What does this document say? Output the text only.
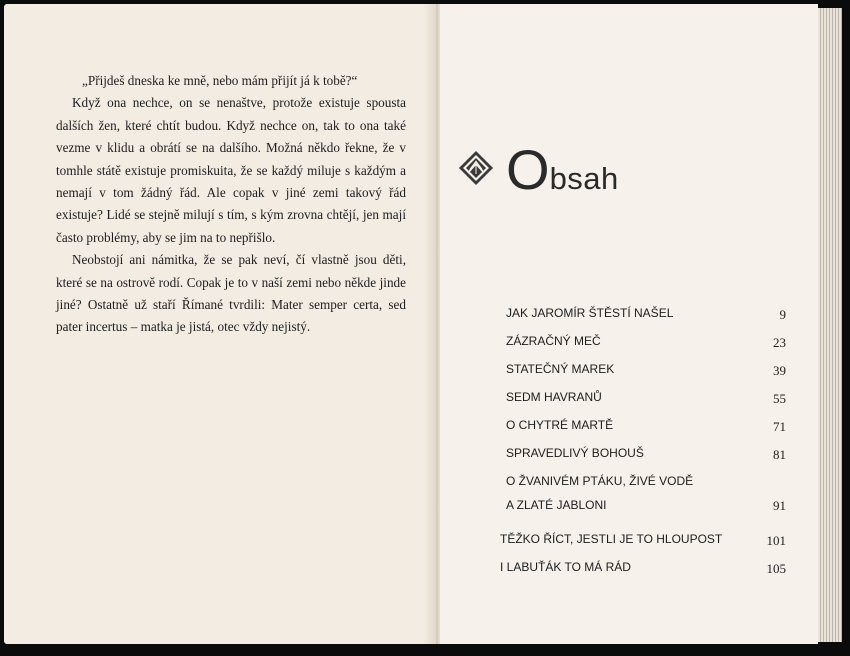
„Přijdeš dneska ke mně, nebo mám přijít já k tobě?“

Když ona nechce, on se nenaštve, protože existuje spousta dalších žen, které chtít budou. Když nechce on, tak to ona také vezme v klidu a obrátí se na dalšího. Možná někdo řekne, že v tomhle státě existuje promiskuita, že se každý miluje s každým a nemají v tom žádný řád. Ale copak v jiné zemi takový řád existuje? Lidé se stejně milují s tím, s kým zrovna chtějí, jen mají často problémy, aby se jim na to nepřišlo.

Neobstojí ani námitka, že se pak neví, čí vlastně jsou děti, které se na ostrově rodí. Copak je to v naší zemi nebo někde jinde jiné? Ostatně už staří Římané tvrdili: Mater semper certa, sed pater incertus – matka je jistá, otec vždy nejistý.

Obsah
JAK JAROMÍR ŠTĚSTÍ NAŠEL	9
ZÁZRAČNÝ MEČ	23
STATEČNÝ MAREK	39
SEDM HAVRANŮ	55
O CHYTRÉ MARTĚ	71
SPRAVEDLIVÝ BOHOUŠ	81
O ŽVANIVÉM PTÁKU, ŽIVÉ VODĚ
A ZLATÉ JABLONI	91
TĚŽKO ŘÍCT, JESTLI JE TO HLOUPOST	101
I LABUŤÁK TO MÁ RÁD	105
